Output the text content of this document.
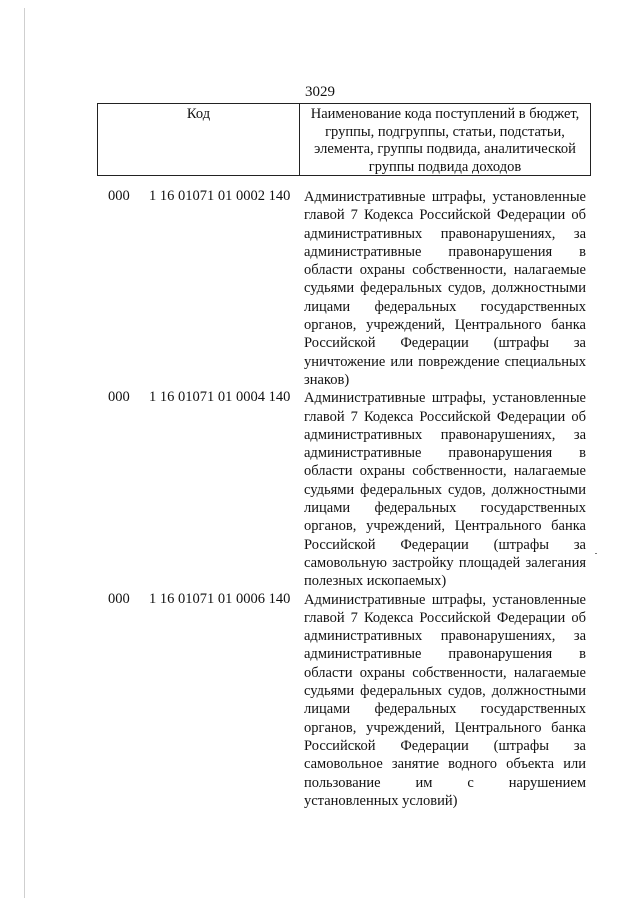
3029
Код	Наименование кода поступлений в бюджет, группы, подгруппы, статьи, подстатьи, элемента, группы подвида, аналитической группы подвида доходов
000 1 16 01071 01 0002 140 Административные штрафы, установленные главой 7 Кодекса Российской Федерации об административных правонарушениях, за административные правонарушения в области охраны собственности, налагаемые судьями федеральных судов, должностными лицами федеральных государственных органов, учреждений, Центрального банка Российской Федерации (штрафы за уничтожение или повреждение специальных знаков)
000 1 16 01071 01 0004 140 Административные штрафы, установленные главой 7 Кодекса Российской Федерации об административных правонарушениях, за административные правонарушения в области охраны собственности, налагаемые судьями федеральных судов, должностными лицами федеральных государственных органов, учреждений, Центрального банка Российской Федерации (штрафы за самовольную застройку площадей залегания полезных ископаемых)
000 1 16 01071 01 0006 140 Административные штрафы, установленные главой 7 Кодекса Российской Федерации об административных правонарушениях, за административные правонарушения в области охраны собственности, налагаемые судьями федеральных судов, должностными лицами федеральных государственных органов, учреждений, Центрального банка Российской Федерации (штрафы за самовольное занятие водного объекта или пользование им с нарушением установленных условий)
